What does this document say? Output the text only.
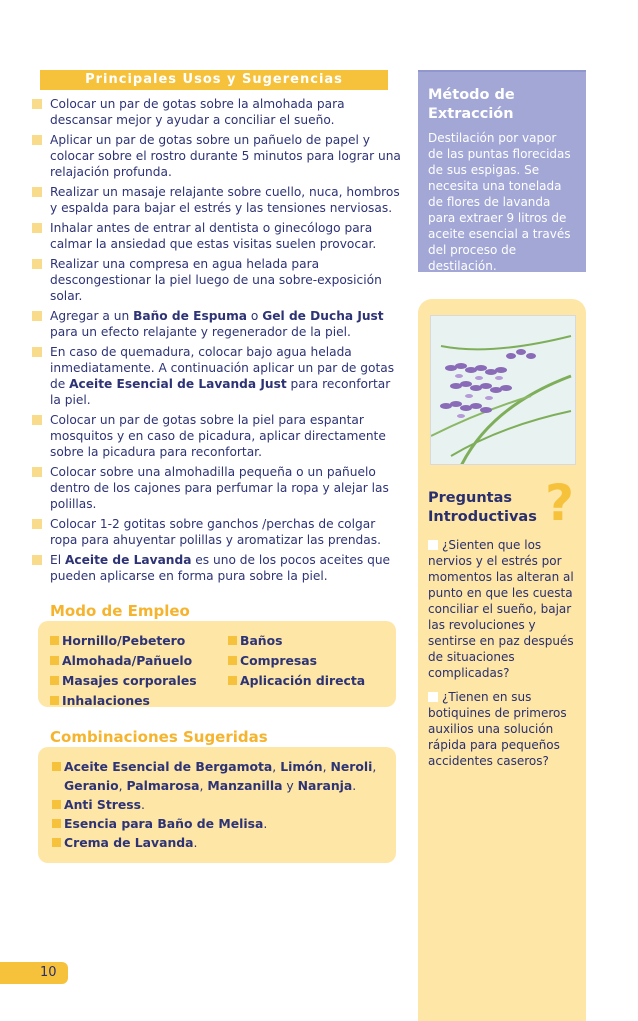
Principales Usos y Sugerencias
Colocar un par de gotas sobre la almohada para descansar mejor y ayudar a conciliar el sueño.
Aplicar un par de gotas sobre un pañuelo de papel y colocar sobre el rostro durante 5 minutos para lograr una relajación profunda.
Realizar un masaje relajante sobre cuello, nuca, hombros y espalda para bajar el estrés y las tensiones nerviosas.
Inhalar antes de entrar al dentista o ginecólogo para calmar la ansiedad que estas visitas suelen provocar.
Realizar una compresa en agua helada para descongestionar la piel luego de una sobre-exposición solar.
Agregar a un Baño de Espuma o Gel de Ducha Just para un efecto relajante y regenerador de la piel.
En caso de quemadura, colocar bajo agua helada inmediatamente. A continuación aplicar un par de gotas de Aceite Esencial de Lavanda Just para reconfortar la piel.
Colocar un par de gotas sobre la piel para espantar mosquitos y en caso de picadura, aplicar directamente sobre la picadura para reconfortar.
Colocar sobre una almohadilla pequeña o un pañuelo dentro de los cajones para perfumar la ropa y alejar las polillas.
Colocar 1-2 gotitas sobre ganchos /perchas de colgar ropa para ahuyentar polillas y aromatizar las prendas.
El Aceite de Lavanda es uno de los pocos aceites que pueden aplicarse en forma pura sobre la piel.
Modo de Empleo
Hornillo/Pebetero	Baños
Almohada/Pañuelo	Compresas
Masajes corporales	Aplicación directa
Inhalaciones
Combinaciones Sugeridas
Aceite Esencial de Bergamota, Limón, Neroli,
Geranio, Palmarosa, Manzanilla y Naranja.
Anti Stress.
Esencia para Baño de Melisa.
Crema de Lavanda.
Método de
Extracción
Destilación por vapor de las puntas florecidas de sus espigas. Se necesita una tonelada de flores de lavanda para extraer 9 litros de aceite esencial a través del proceso de destilación.
Preguntas
Introductivas ?
¿Sienten que los nervios y el estrés por momentos las alteran al punto en que les cuesta conciliar el sueño, bajar las revoluciones y sentirse en paz después de situaciones complicadas?
¿Tienen en sus botiquines de primeros auxilios una solución rápida para pequeños accidentes caseros?
10
